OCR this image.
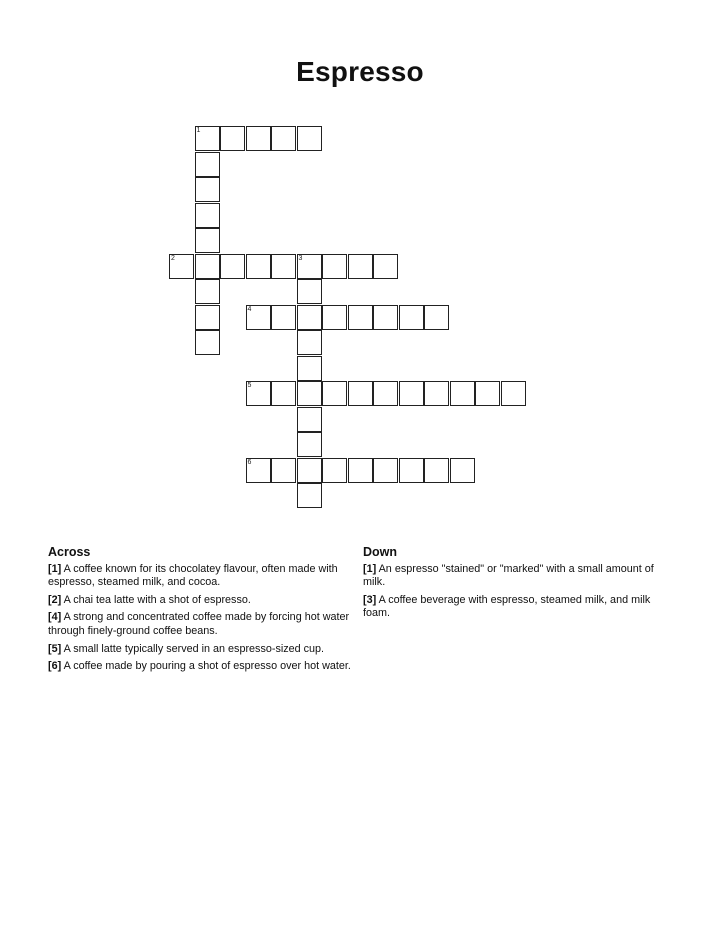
Espresso
1
2	3
4
5
6
Across
[1] A coffee known for its chocolatey flavour, often made with espresso, steamed milk, and cocoa.
[2] A chai tea latte with a shot of espresso.
[4] A strong and concentrated coffee made by forcing hot water through finely-ground coffee beans.
[5] A small latte typically served in an espresso-sized cup.
[6] A coffee made by pouring a shot of espresso over hot water.
Down
[1] An espresso "stained" or "marked" with a small amount of milk.
[3] A coffee beverage with espresso, steamed milk, and milk foam.
